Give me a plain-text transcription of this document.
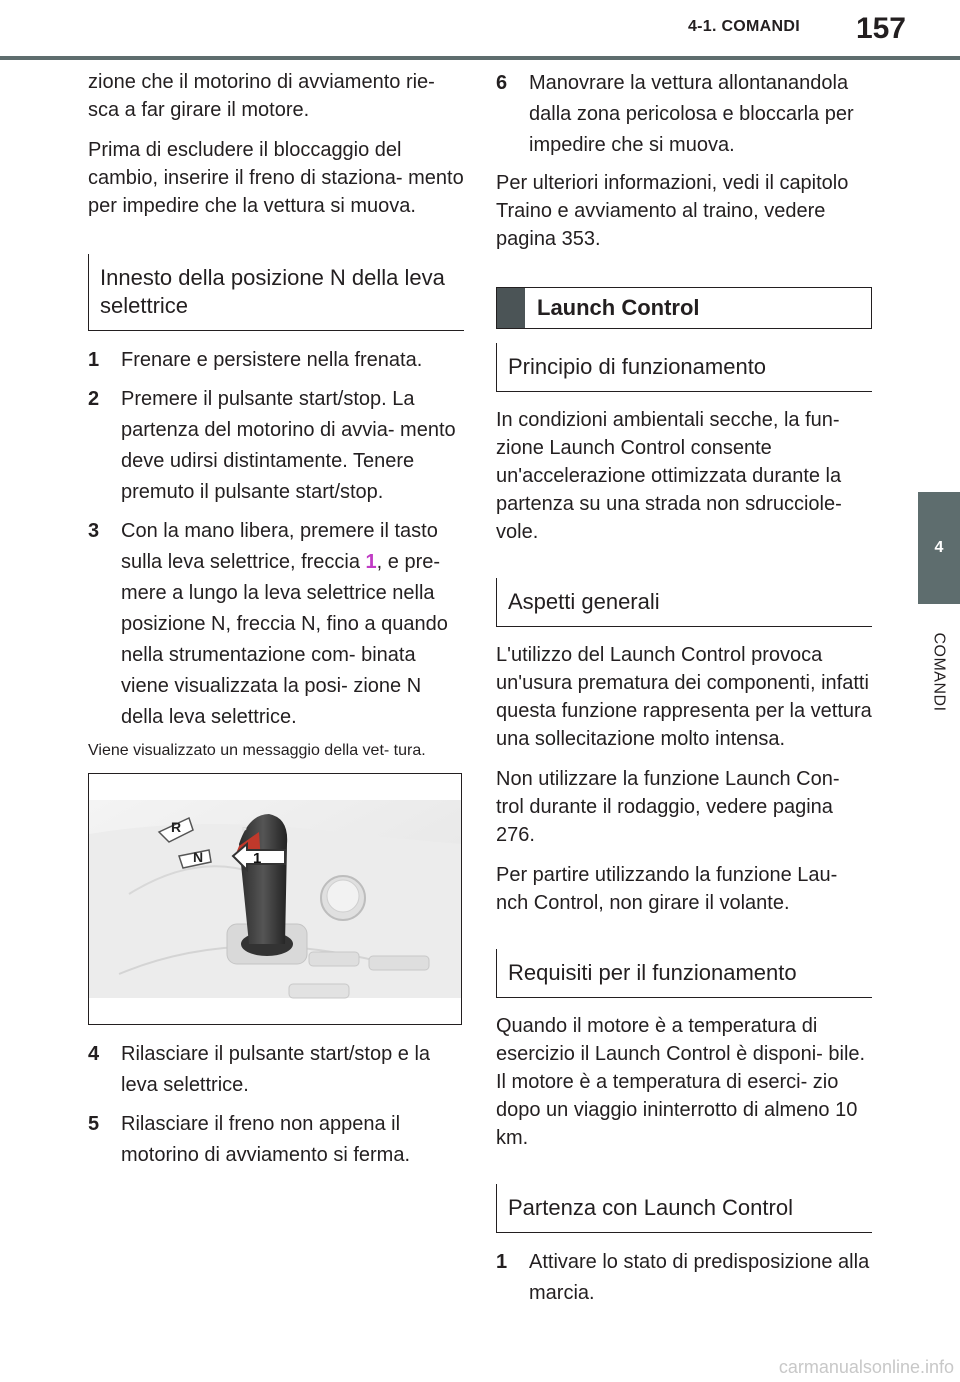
4-1. COMANDI 157
4
COMANDI

zione che il motorino di avviamento rie- sca a far girare il motore.

Prima di escludere il bloccaggio del cambio, inserire il freno di staziona- mento per impedire che la vettura si muova.

Innesto della posizione N della leva selettrice
1	Frenare e persistere nella frenata.
2	Premere il pulsante start/stop. La partenza del motorino di avvia- mento deve udirsi distintamente. Tenere premuto il pulsante start/stop.
3	Con la mano libera, premere il tasto sulla leva selettrice, freccia 1, e pre- mere a lungo la leva selettrice nella posizione N, freccia N, fino a quando nella strumentazione com- binata viene visualizzata la posi- zione N della leva selettrice.

Viene visualizzato un messaggio della vet- tura.

R
N
P
1
4	Rilasciare il pulsante start/stop e la leva selettrice.
5	Rilasciare il freno non appena il motorino di avviamento si ferma.
6	Manovrare la vettura allontanandola dalla zona pericolosa e bloccarla per impedire che si muova.

Per ulteriori informazioni, vedi il capitolo Traino e avviamento al traino, vedere pagina 353.

Launch Control
Principio di funzionamento

In condizioni ambientali secche, la fun- zione Launch Control consente un'accelerazione ottimizzata durante la partenza su una strada non sdrucciole- vole.

Aspetti generali

L'utilizzo del Launch Control provoca un'usura prematura dei componenti, infatti questa funzione rappresenta per la vettura una sollecitazione molto intensa.

Non utilizzare la funzione Launch Con- trol durante il rodaggio, vedere pagina 276.

Per partire utilizzando la funzione Lau- nch Control, non girare il volante.

Requisiti per il funzionamento

Quando il motore è a temperatura di esercizio il Launch Control è disponi- bile. Il motore è a temperatura di eserci- zio dopo un viaggio ininterrotto di almeno 10 km.

Partenza con Launch Control
1	Attivare lo stato di predisposizione alla marcia.
carmanualsonline.info
